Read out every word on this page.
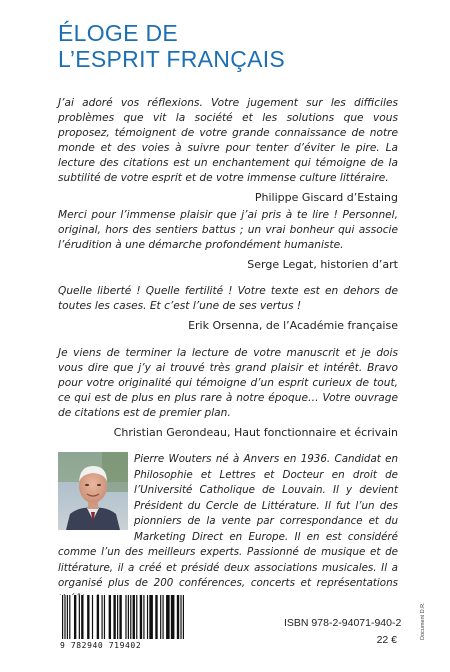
ÉLOGE DE
L’ESPRIT FRANÇAIS

J’ai adoré vos réflexions. Votre jugement sur les difficiles problèmes que vit la société et les solutions que vous proposez, témoignent de votre grande connaissance de notre monde et des voies à suivre pour tenter d’éviter le pire. La lecture des citations est un enchantement qui témoigne de la subtilité de votre esprit et de votre immense culture littéraire.

Philippe Giscard d’Estaing

Merci pour l’immense plaisir que j’ai pris à te lire ! Personnel, original, hors des sentiers battus ; un vrai bonheur qui associe l’érudition à une démarche profondément humaniste.

Serge Legat, historien d’art

Quelle liberté ! Quelle fertilité ! Votre texte est en dehors de toutes les cases. Et c’est l’une de ses vertus !

Erik Orsenna, de l’Académie française

Je viens de terminer la lecture de votre manuscrit et je dois vous dire que j’y ai trouvé très grand plaisir et intérêt. Bravo pour votre originalité qui témoigne d’un esprit curieux de tout, ce qui est de plus en plus rare à notre époque… Votre ouvrage de citations est de premier plan.

Christian Gerondeau, Haut fonctionnaire et écrivain

Pierre Wouters né à Anvers en 1936. Candidat en Philosophie et Lettres et Docteur en droit de l’Université Catholique de Louvain. Il y devient Président du Cercle de Littérature. Il fut l’un des pionniers de la vente par correspondance et du Marketing Direct en Europe. Il en est considéré comme l’un des meilleurs experts. Passionné de musique et de littérature, il a créé et présidé deux associations musicales. Il a organisé plus de 200 conférences, concerts et représentations

9 782940 719402
ISBN 978-2-94071-940-2
22 €	Document D.R.
